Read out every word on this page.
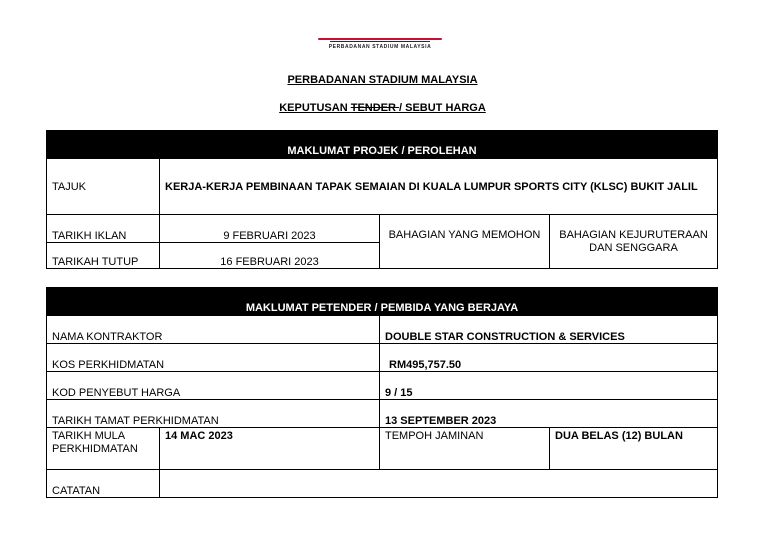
PERBADANAN STADIUM MALAYSIA
PERBADANAN STADIUM MALAYSIA
KEPUTUSAN TENDER / SEBUT HARGA
MAKLUMAT PROJEK / PEROLEHAN			
TAJUK	KERJA-KERJA PEMBINAAN TAPAK SEMAIAN DI KUALA LUMPUR SPORTS CITY (KLSC) BUKIT JALIL		
TARIKH IKLAN	9 FEBRUARI 2023	BAHAGIAN YANG MEMOHON	BAHAGIAN KEJURUTERAAN DAN SENGGARA
TARIKAH TUTUP	16 FEBRUARI 2023		
MAKLUMAT PETENDER / PEMBIDA YANG BERJAYA			
NAMA KONTRAKTOR		DOUBLE STAR CONSTRUCTION & SERVICES	
KOS PERKHIDMATAN		RM495,757.50	
KOD PENYEBUT HARGA		9 / 15	
TARIKH TAMAT PERKHIDMATAN		13 SEPTEMBER 2023	
TARIKH MULA PERKHIDMATAN	14 MAC 2023	TEMPOH JAMINAN	DUA BELAS (12) BULAN
CATATAN			
